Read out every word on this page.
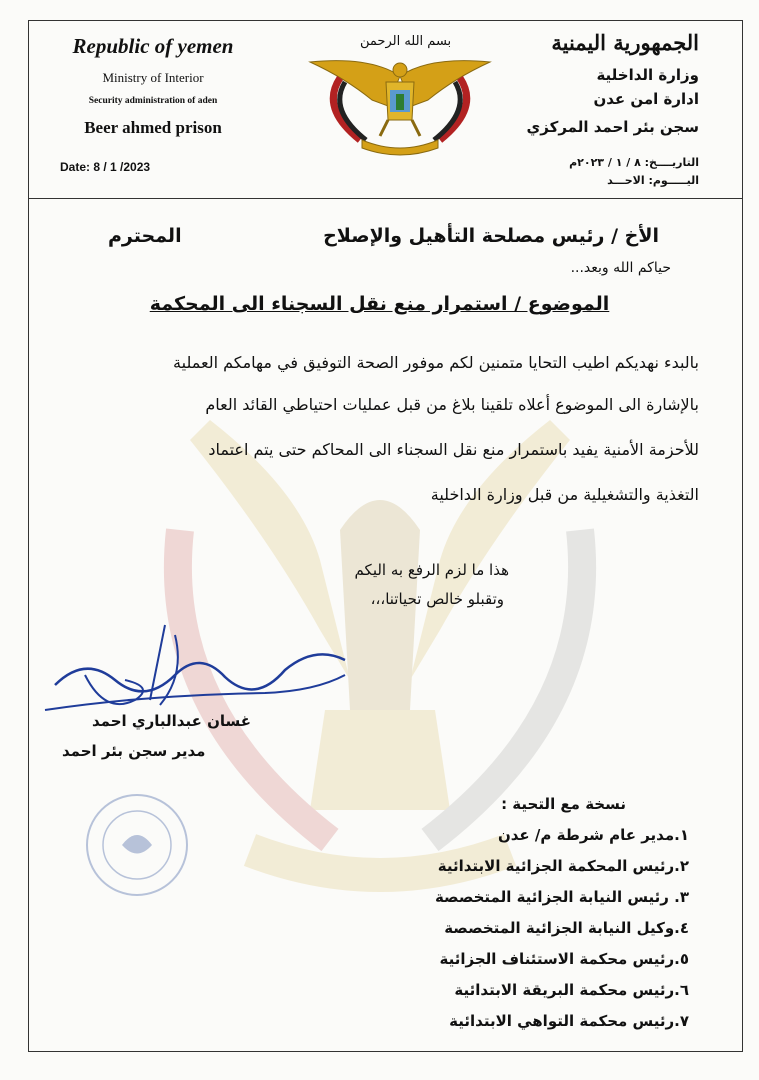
Republic of yemen
Ministry of Interior
Security administration of aden
Beer ahmed prison
Date: 8 / 1 /2023
بسم الله الرحمن	الجمهورية اليمنية
وزارة الداخلية
ادارة امن عدن
سجن بئر احمد المركزي
التاريــــخ: ٨ / ١ / ٢٠٢٣م
اليـــــوم: الاحـــد
الأخ / رئيس مصلحة التأهيل والإصلاح
المحترم
حياكم الله وبعد...
الموضوع / استمرار منع نقل السجناء الى المحكمة
بالبدء نهديكم اطيب التحايا متمنين لكم موفور الصحة التوفيق في مهامكم العملية
بالإشارة الى الموضوع أعلاه تلقينا بلاغ من قبل عمليات احتياطي القائد العام
للأحزمة الأمنية يفيد باستمرار منع نقل السجناء الى المحاكم حتى يتم اعتماد
التغذية والتشغيلية من قبل وزارة الداخلية
هذا ما لزم الرفع به اليكم
وتقبلو خالص تحياتنا،،،
غسان عبدالباري احمد
مدير سجن بئر احمد
نسخة مع التحية :
١.مدير عام شرطة م/ عدن
٢.رئيس المحكمة الجزائية الابتدائية
٣. رئيس النيابة الجزائية المتخصصة
٤.وكيل النيابة الجزائية المتخصصة
٥.رئيس محكمة الاستئناف الجزائية
٦.رئيس محكمة البريقة الابتدائية
٧.رئيس محكمة التواهي الابتدائية
